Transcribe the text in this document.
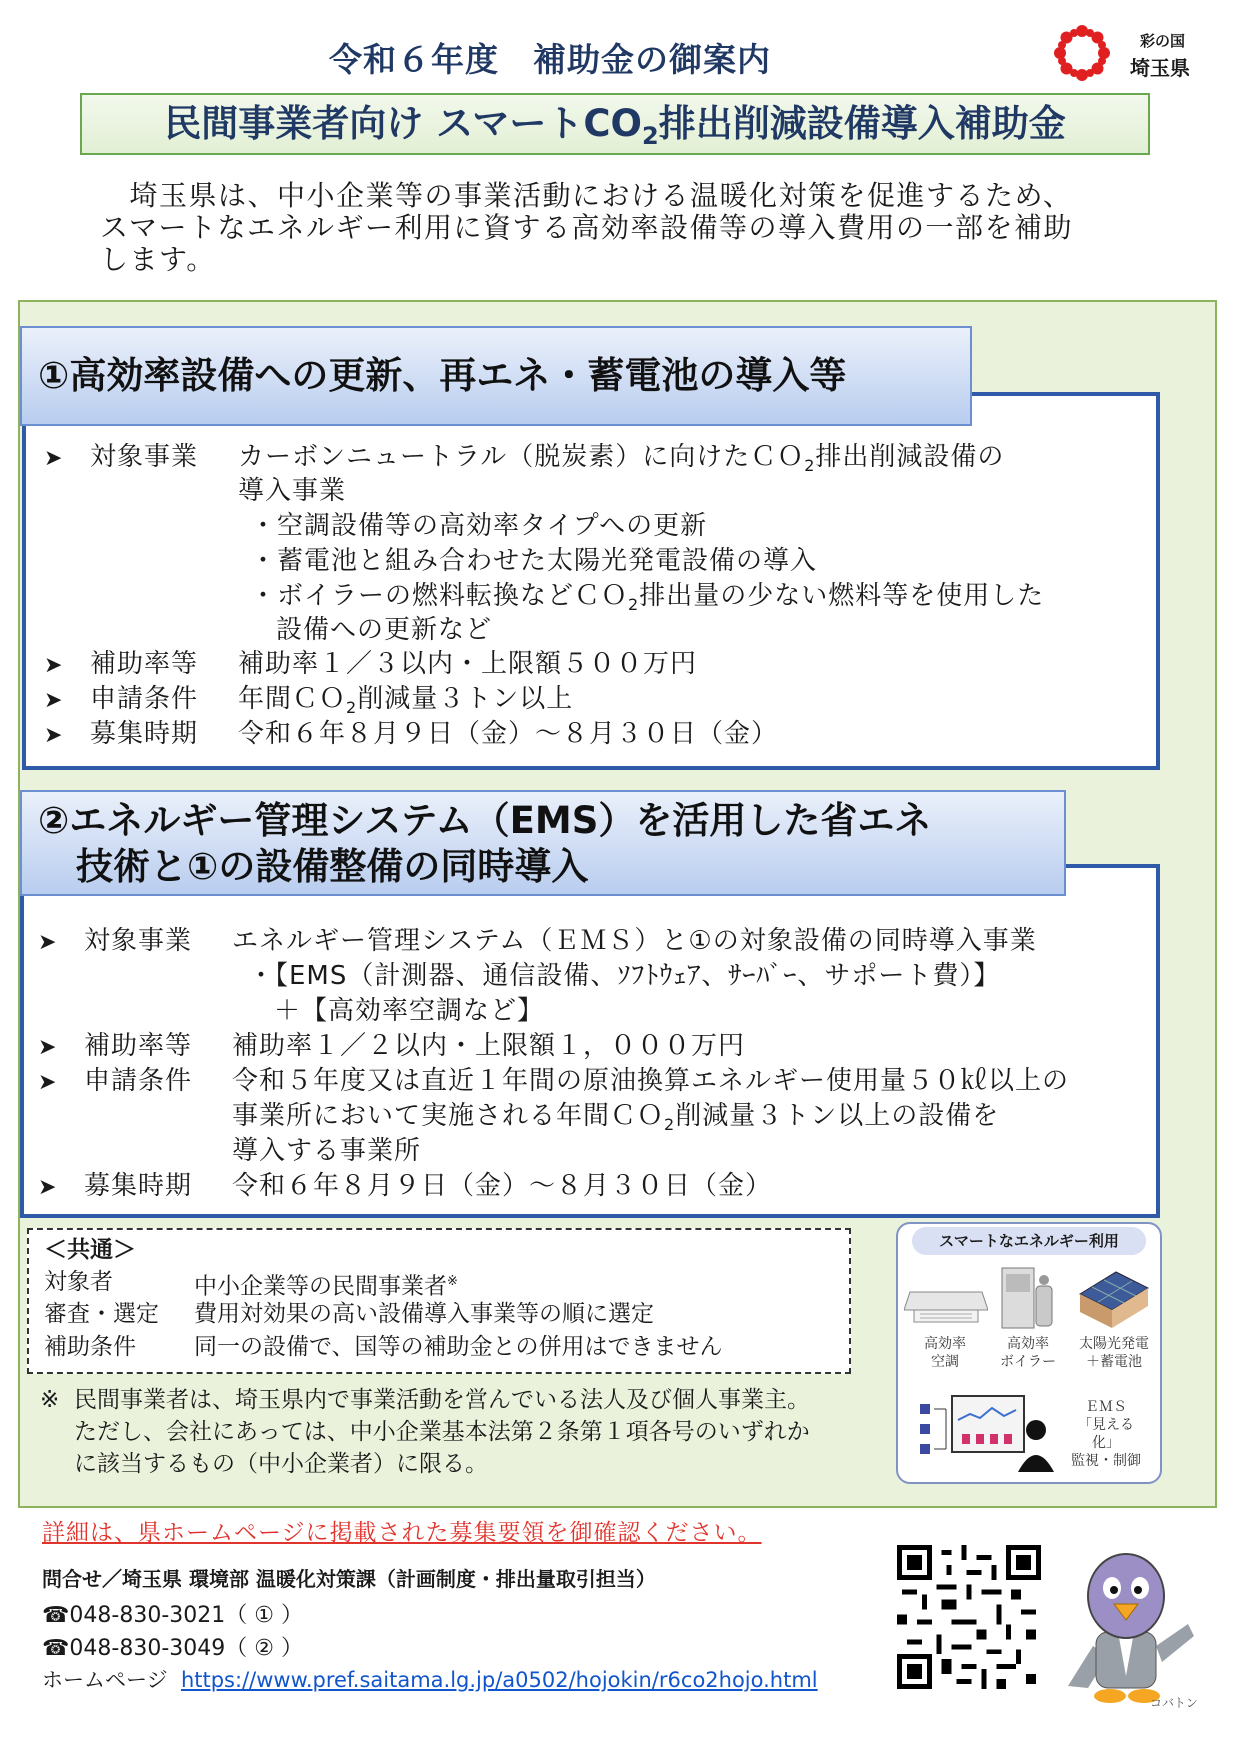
令和６年度　補助金の御案内	彩の国
埼玉県
民間事業者向け スマート$CO_2$排出削減設備導入補助金
　埼玉県は、中小企業等の事業活動における温暖化対策を促進するため、
スマートなエネルギー利用に資する高効率設備等の導入費用の一部を補助
します。
①高効率設備への更新、再エネ・蓄電池の導入等
➤ 対象事業 カーボンニュートラル（脱炭素）に向けたＣＯ$_2$排出削減設備の
導入事業
・空調設備等の高効率タイプへの更新
・蓄電池と組み合わせた太陽光発電設備の導入
・ボイラーの燃料転換などＣＯ$_2$排出量の少ない燃料等を使用した
設備への更新など
➤ 補助率等 補助率１／３以内・上限額５００万円
➤ 申請条件 年間ＣＯ$_2$削減量３トン以上
➤ 募集時期 令和６年８月９日（金）～８月３０日（金）
②エネルギー管理システム（EMS）を活用した省エネ
技術と①の設備整備の同時導入
➤ 対象事業 エネルギー管理システム（ＥＭＳ）と①の対象設備の同時導入事業
・【EMS（計測器、通信設備、ｿﾌﾄｳｪｱ、ｻｰﾊﾞｰ、サポート費）】
＋【高効率空調など】
➤ 補助率等 補助率１／２以内・上限額１，０００万円
➤ 申請条件 令和５年度又は直近１年間の原油換算エネルギー使用量５０㎘以上の
事業所において実施される年間ＣＯ$_2$削減量３トン以上の設備を
導入する事業所
➤ 募集時期 令和６年８月９日（金）～８月３０日（金）
＜共通＞
対象者	中小企業等の民間事業者※
審査・選定 費用対効果の高い設備導入事業等の順に選定
補助条件	同一の設備で、国等の補助金との併用はできません
※ 民間事業者は、埼玉県内で事業活動を営んでいる法人及び個人事業主。
ただし、会社にあっては、中小企業基本法第２条第１項各号のいずれか
に該当するもの（中小企業者）に限る。
スマートなエネルギー利用
高効率
空調
高効率
ボイラー
太陽光発電
＋蓄電池
ＥＭＳ
「見える
化」
監視・制御
詳細は、県ホームページに掲載された募集要領を御確認ください。
問合せ／埼玉県 環境部 温暖化対策課（計画制度・排出量取引担当）
☎048-830-3021（ ① ）
☎048-830-3049（ ② ）
ホームページ https://www.pref.saitama.lg.jp/a0502/hojokin/r6co2hojo.html
コバトン
